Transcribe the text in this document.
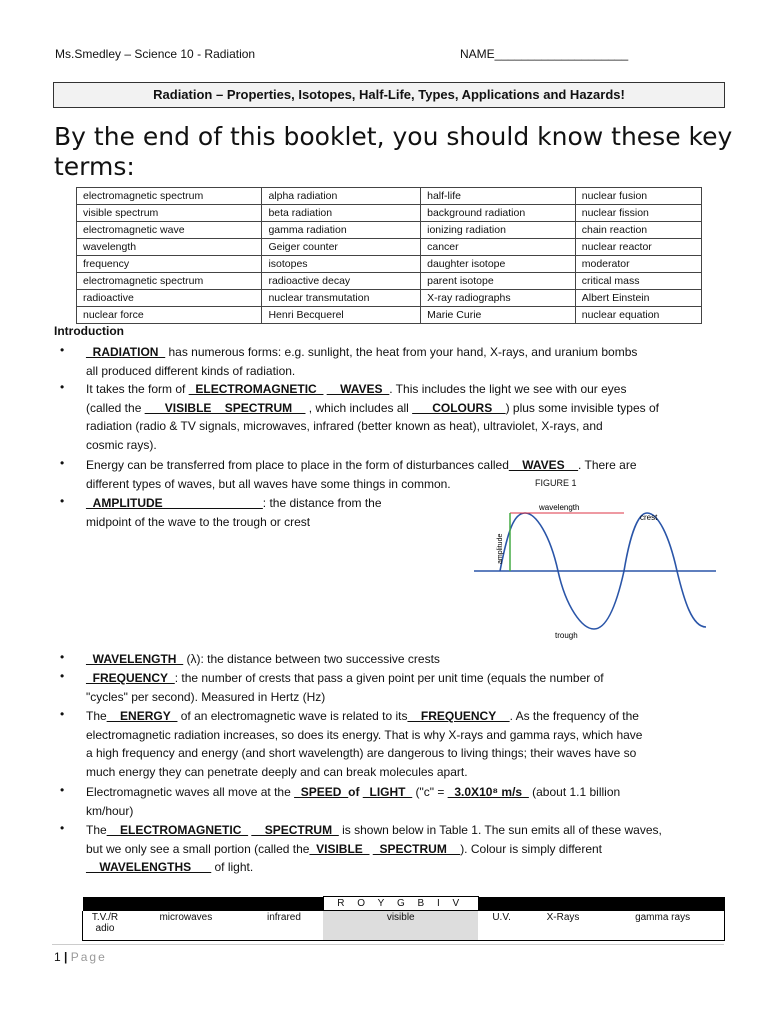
Ms.Smedley – Science 10 - Radiation	NAME____________________
Radiation – Properties, Isotopes, Half-Life, Types, Applications and Hazards!
By the end of this booklet, you should know these key terms:
electromagnetic spectrum	alpha radiation	half-life	nuclear fusion
visible spectrum	beta radiation	background radiation	nuclear fission
electromagnetic wave	gamma radiation	ionizing radiation	chain reaction
wavelength	Geiger counter	cancer	nuclear reactor
frequency	isotopes	daughter isotope	moderator
electromagnetic spectrum	radioactive decay	parent isotope	critical mass
radioactive	nuclear transmutation	X-ray radiographs	Albert Einstein
nuclear force	Henri Becquerel	Marie Curie	nuclear equation
Introduction
• _RADIATION_ has numerous forms: e.g. sunlight, the heat from your hand, X-rays, and uranium bombs
all produced different kinds of radiation.
• It takes the form of _ELECTROMAGNETIC_ __WAVES_. This includes the light we see with our eyes
(called the ___VISIBLE__SPECTRUM__ , which includes all ___COLOURS__) plus some invisible types of
radiation (radio & TV signals, microwaves, infrared (better known as heat), ultraviolet, X-rays, and
cosmic rays).
• Energy can be transferred from place to place in the form of disturbances called__WAVES__. There are
different types of waves, but all waves have some things in common.	FIGURE 1
• _AMPLITUDE_______________: the distance from the
midpoint of the wave to the trough or crest
wavelength
crest
amplitude
trough
• _WAVELENGTH_ (λ): the distance between two successive crests
• _FREQUENCY_: the number of crests that pass a given point per unit time (equals the number of
"cycles" per second). Measured in Hertz (Hz)
• The__ENERGY_ of an electromagnetic wave is related to its__FREQUENCY__. As the frequency of the
electromagnetic radiation increases, so does its energy. That is why X-rays and gamma rays, which have
a high frequency and energy (and short wavelength) are dangerous to living things; their waves have so
much energy they can penetrate deeply and can break molecules apart.
• Electromagnetic waves all move at the _SPEED_of _LIGHT_ ("c" = _3.0X10⁸ m/s_ (about 1.1 billion
km/hour)
• The__ELECTROMAGNETIC_ __SPECTRUM_ is shown below in Table 1. The sun emits all of these waves,
but we only see a small portion (called the_VISIBLE_ _SPECTRUM__). Colour is simply different
__WAVELENGTHS___ of light.
			R O Y G B I V			
T.V./R adio	microwaves	infrared	visible	U.V.	X-Rays	gamma rays
1 | Page
